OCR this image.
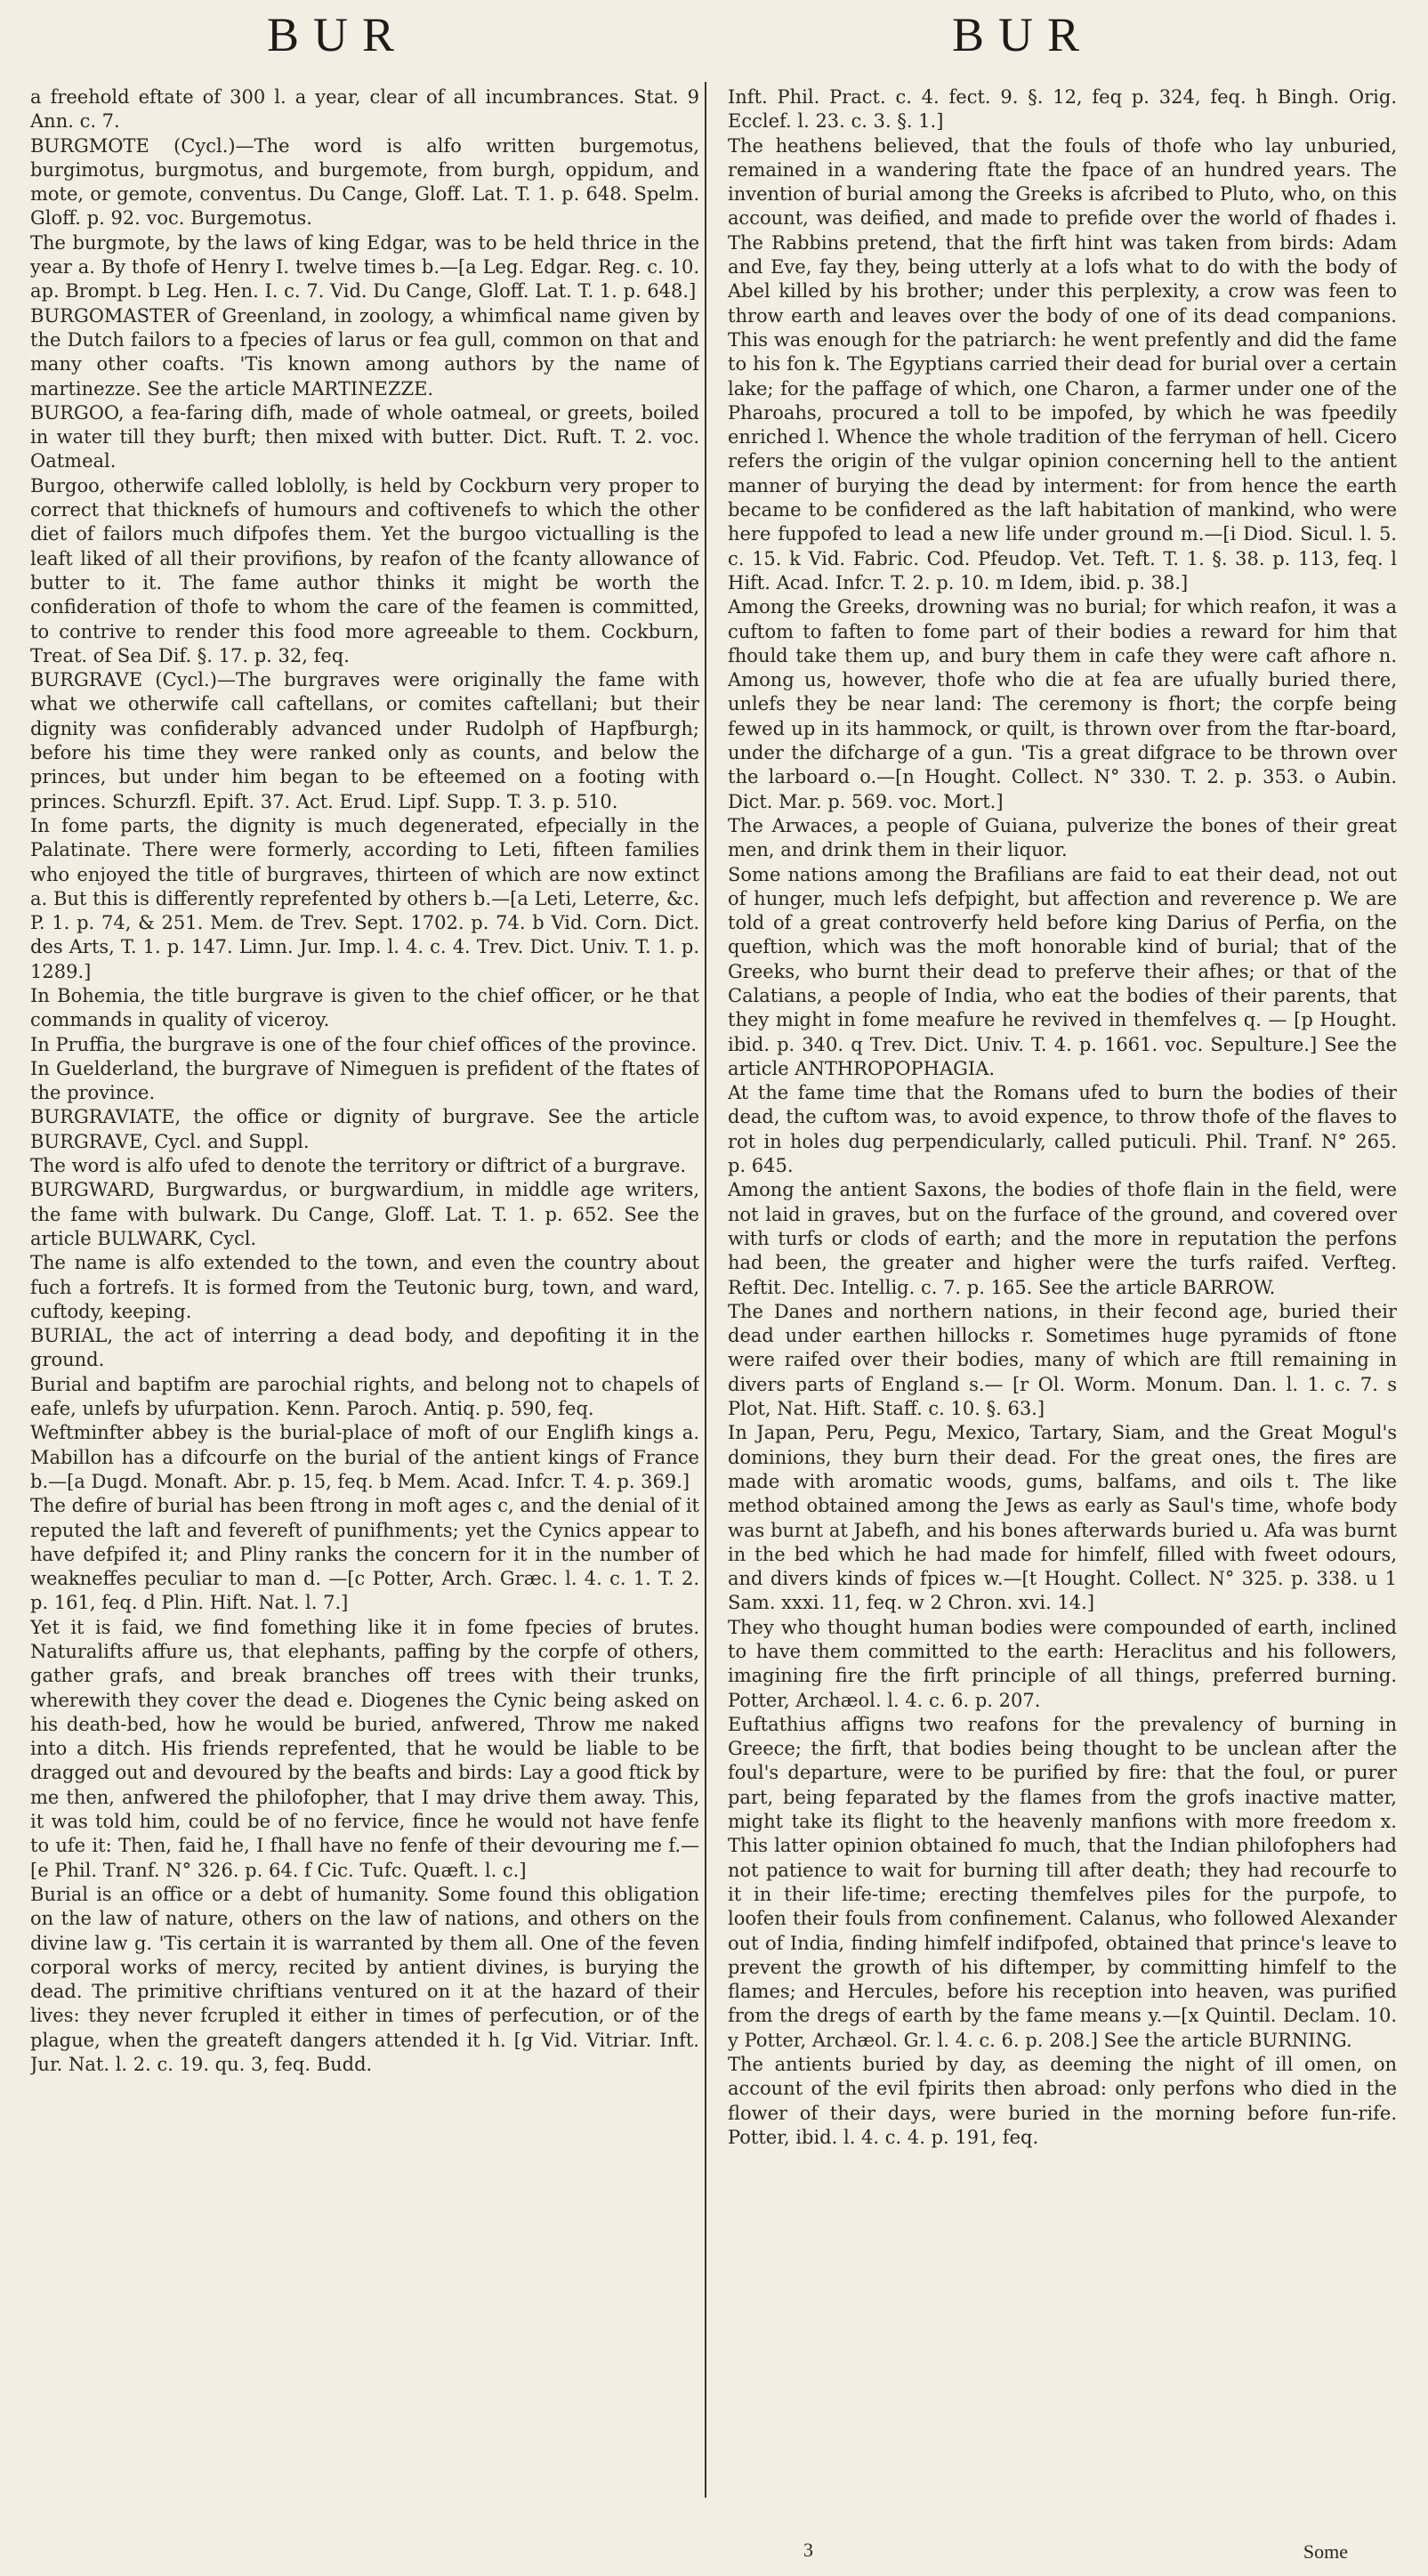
BUR	BUR

a freehold eftate of 300 l. a year, clear of all incumbrances. Stat. 9 Ann. c. 7.

BURGMOTE (Cycl.)—The word is alfo written burgemotus, burgimotus, burgmotus, and burgemote, from burgh, oppidum, and mote, or gemote, conventus. Du Cange, Gloff. Lat. T. 1. p. 648. Spelm. Gloff. p. 92. voc. Burgemotus.

The burgmote, by the laws of king Edgar, was to be held thrice in the year a. By thofe of Henry I. twelve times b.—[a Leg. Edgar. Reg. c. 10. ap. Brompt. b Leg. Hen. I. c. 7. Vid. Du Cange, Gloff. Lat. T. 1. p. 648.]

BURGOMASTER of Greenland, in zoology, a whimfical name given by the Dutch failors to a fpecies of larus or fea gull, common on that and many other coafts. 'Tis known among authors by the name of martinezze. See the article MARTINEZZE.

BURGOO, a fea-faring difh, made of whole oatmeal, or greets, boiled in water till they burft; then mixed with butter. Dict. Ruft. T. 2. voc. Oatmeal.

Burgoo, otherwife called loblolly, is held by Cockburn very proper to correct that thicknefs of humours and coftivenefs to which the other diet of failors much difpofes them. Yet the burgoo victualling is the leaft liked of all their provifions, by reafon of the fcanty allowance of butter to it. The fame author thinks it might be worth the confideration of thofe to whom the care of the feamen is committed, to contrive to render this food more agreeable to them. Cockburn, Treat. of Sea Dif. §. 17. p. 32, feq.

BURGRAVE (Cycl.)—The burgraves were originally the fame with what we otherwife call caftellans, or comites caftellani; but their dignity was confiderably advanced under Rudolph of Hapfburgh; before his time they were ranked only as counts, and below the princes, but under him began to be efteemed on a footing with princes. Schurzfl. Epift. 37. Act. Erud. Lipf. Supp. T. 3. p. 510.

In fome parts, the dignity is much degenerated, efpecially in the Palatinate. There were formerly, according to Leti, fifteen families who enjoyed the title of burgraves, thirteen of which are now extinct a. But this is differently reprefented by others b.—[a Leti, Leterre, &c. P. 1. p. 74, & 251. Mem. de Trev. Sept. 1702. p. 74. b Vid. Corn. Dict. des Arts, T. 1. p. 147. Limn. Jur. Imp. l. 4. c. 4. Trev. Dict. Univ. T. 1. p. 1289.]

In Bohemia, the title burgrave is given to the chief officer, or he that commands in quality of viceroy.

In Pruffia, the burgrave is one of the four chief offices of the province.

In Guelderland, the burgrave of Nimeguen is prefident of the ftates of the province.

BURGRAVIATE, the office or dignity of burgrave. See the article BURGRAVE, Cycl. and Suppl.

The word is alfo ufed to denote the territory or diftrict of a burgrave.

BURGWARD, Burgwardus, or burgwardium, in middle age writers, the fame with bulwark. Du Cange, Gloff. Lat. T. 1. p. 652. See the article BULWARK, Cycl.

The name is alfo extended to the town, and even the country about fuch a fortrefs. It is formed from the Teutonic burg, town, and ward, cuftody, keeping.

BURIAL, the act of interring a dead body, and depofiting it in the ground.

Burial and baptifm are parochial rights, and belong not to chapels of eafe, unlefs by ufurpation. Kenn. Paroch. Antiq. p. 590, feq.

Weftminfter abbey is the burial-place of moft of our Englifh kings a. Mabillon has a difcourfe on the burial of the antient kings of France b.—[a Dugd. Monaft. Abr. p. 15, feq. b Mem. Acad. Infcr. T. 4. p. 369.]

The defire of burial has been ftrong in moft ages c, and the denial of it reputed the laft and fevereft of punifhments; yet the Cynics appear to have defpifed it; and Pliny ranks the concern for it in the number of weakneffes peculiar to man d. —[c Potter, Arch. Græc. l. 4. c. 1. T. 2. p. 161, feq. d Plin. Hift. Nat. l. 7.]

Yet it is faid, we find fomething like it in fome fpecies of brutes. Naturalifts affure us, that elephants, paffing by the corpfe of others, gather grafs, and break branches off trees with their trunks, wherewith they cover the dead e. Diogenes the Cynic being asked on his death-bed, how he would be buried, anfwered, Throw me naked into a ditch. His friends reprefented, that he would be liable to be dragged out and devoured by the beafts and birds: Lay a good ftick by me then, anfwered the philofopher, that I may drive them away. This, it was told him, could be of no fervice, fince he would not have fenfe to ufe it: Then, faid he, I fhall have no fenfe of their devouring me f.—[e Phil. Tranf. N° 326. p. 64. f Cic. Tufc. Quæft. l. c.]

Burial is an office or a debt of humanity. Some found this obligation on the law of nature, others on the law of nations, and others on the divine law g. 'Tis certain it is warranted by them all. One of the feven corporal works of mercy, recited by antient divines, is burying the dead. The primitive chriftians ventured on it at the hazard of their lives: they never fcrupled it either in times of perfecution, or of the plague, when the greateft dangers attended it h. [g Vid. Vitriar. Inft. Jur. Nat. l. 2. c. 19. qu. 3, feq. Budd.

Inft. Phil. Pract. c. 4. fect. 9. §. 12, feq p. 324, feq. h Bingh. Orig. Ecclef. l. 23. c. 3. §. 1.]

The heathens believed, that the fouls of thofe who lay unburied, remained in a wandering ftate the fpace of an hundred years. The invention of burial among the Greeks is afcribed to Pluto, who, on this account, was deified, and made to prefide over the world of fhades i. The Rabbins pretend, that the firft hint was taken from birds: Adam and Eve, fay they, being utterly at a lofs what to do with the body of Abel killed by his brother; under this perplexity, a crow was feen to throw earth and leaves over the body of one of its dead companions. This was enough for the patriarch: he went prefently and did the fame to his fon k. The Egyptians carried their dead for burial over a certain lake; for the paffage of which, one Charon, a farmer under one of the Pharoahs, procured a toll to be impofed, by which he was fpeedily enriched l. Whence the whole tradition of the ferryman of hell. Cicero refers the origin of the vulgar opinion concerning hell to the antient manner of burying the dead by interment: for from hence the earth became to be confidered as the laft habitation of mankind, who were here fuppofed to lead a new life under ground m.—[i Diod. Sicul. l. 5. c. 15. k Vid. Fabric. Cod. Pfeudop. Vet. Teft. T. 1. §. 38. p. 113, feq. l Hift. Acad. Infcr. T. 2. p. 10. m Idem, ibid. p. 38.]

Among the Greeks, drowning was no burial; for which reafon, it was a cuftom to faften to fome part of their bodies a reward for him that fhould take them up, and bury them in cafe they were caft afhore n. Among us, however, thofe who die at fea are ufually buried there, unlefs they be near land: The ceremony is fhort; the corpfe being fewed up in its hammock, or quilt, is thrown over from the ftar-board, under the difcharge of a gun. 'Tis a great difgrace to be thrown over the larboard o.—[n Hought. Collect. N° 330. T. 2. p. 353. o Aubin. Dict. Mar. p. 569. voc. Mort.]

The Arwaces, a people of Guiana, pulverize the bones of their great men, and drink them in their liquor.

Some nations among the Brafilians are faid to eat their dead, not out of hunger, much lefs defpight, but affection and reverence p. We are told of a great controverfy held before king Darius of Perfia, on the queftion, which was the moft honorable kind of burial; that of the Greeks, who burnt their dead to preferve their afhes; or that of the Calatians, a people of India, who eat the bodies of their parents, that they might in fome meafure he revived in themfelves q. — [p Hought. ibid. p. 340. q Trev. Dict. Univ. T. 4. p. 1661. voc. Sepulture.] See the article ANTHROPOPHAGIA.

At the fame time that the Romans ufed to burn the bodies of their dead, the cuftom was, to avoid expence, to throw thofe of the flaves to rot in holes dug perpendicularly, called puticuli. Phil. Tranf. N° 265. p. 645.

Among the antient Saxons, the bodies of thofe flain in the field, were not laid in graves, but on the furface of the ground, and covered over with turfs or clods of earth; and the more in reputation the perfons had been, the greater and higher were the turfs raifed. Verfteg. Reftit. Dec. Intellig. c. 7. p. 165. See the article BARROW.

The Danes and northern nations, in their fecond age, buried their dead under earthen hillocks r. Sometimes huge pyramids of ftone were raifed over their bodies, many of which are ftill remaining in divers parts of England s.— [r Ol. Worm. Monum. Dan. l. 1. c. 7. s Plot, Nat. Hift. Staff. c. 10. §. 63.]

In Japan, Peru, Pegu, Mexico, Tartary, Siam, and the Great Mogul's dominions, they burn their dead. For the great ones, the fires are made with aromatic woods, gums, balfams, and oils t. The like method obtained among the Jews as early as Saul's time, whofe body was burnt at Jabefh, and his bones afterwards buried u. Afa was burnt in the bed which he had made for himfelf, filled with fweet odours, and divers kinds of fpices w.—[t Hought. Collect. N° 325. p. 338. u 1 Sam. xxxi. 11, feq. w 2 Chron. xvi. 14.]

They who thought human bodies were compounded of earth, inclined to have them committed to the earth: Heraclitus and his followers, imagining fire the firft principle of all things, preferred burning. Potter, Archæol. l. 4. c. 6. p. 207.

Euftathius affigns two reafons for the prevalency of burning in Greece; the firft, that bodies being thought to be unclean after the foul's departure, were to be purified by fire: that the foul, or purer part, being feparated by the flames from the grofs inactive matter, might take its flight to the heavenly manfions with more freedom x. This latter opinion obtained fo much, that the Indian philofophers had not patience to wait for burning till after death; they had recourfe to it in their life-time; erecting themfelves piles for the purpofe, to loofen their fouls from confinement. Calanus, who followed Alexander out of India, finding himfelf indifpofed, obtained that prince's leave to prevent the growth of his diftemper, by committing himfelf to the flames; and Hercules, before his reception into heaven, was purified from the dregs of earth by the fame means y.—[x Quintil. Declam. 10. y Potter, Archæol. Gr. l. 4. c. 6. p. 208.] See the article BURNING.

The antients buried by day, as deeming the night of ill omen, on account of the evil fpirits then abroad: only perfons who died in the flower of their days, were buried in the morning before fun-rife. Potter, ibid. l. 4. c. 4. p. 191, feq.

3	Some
